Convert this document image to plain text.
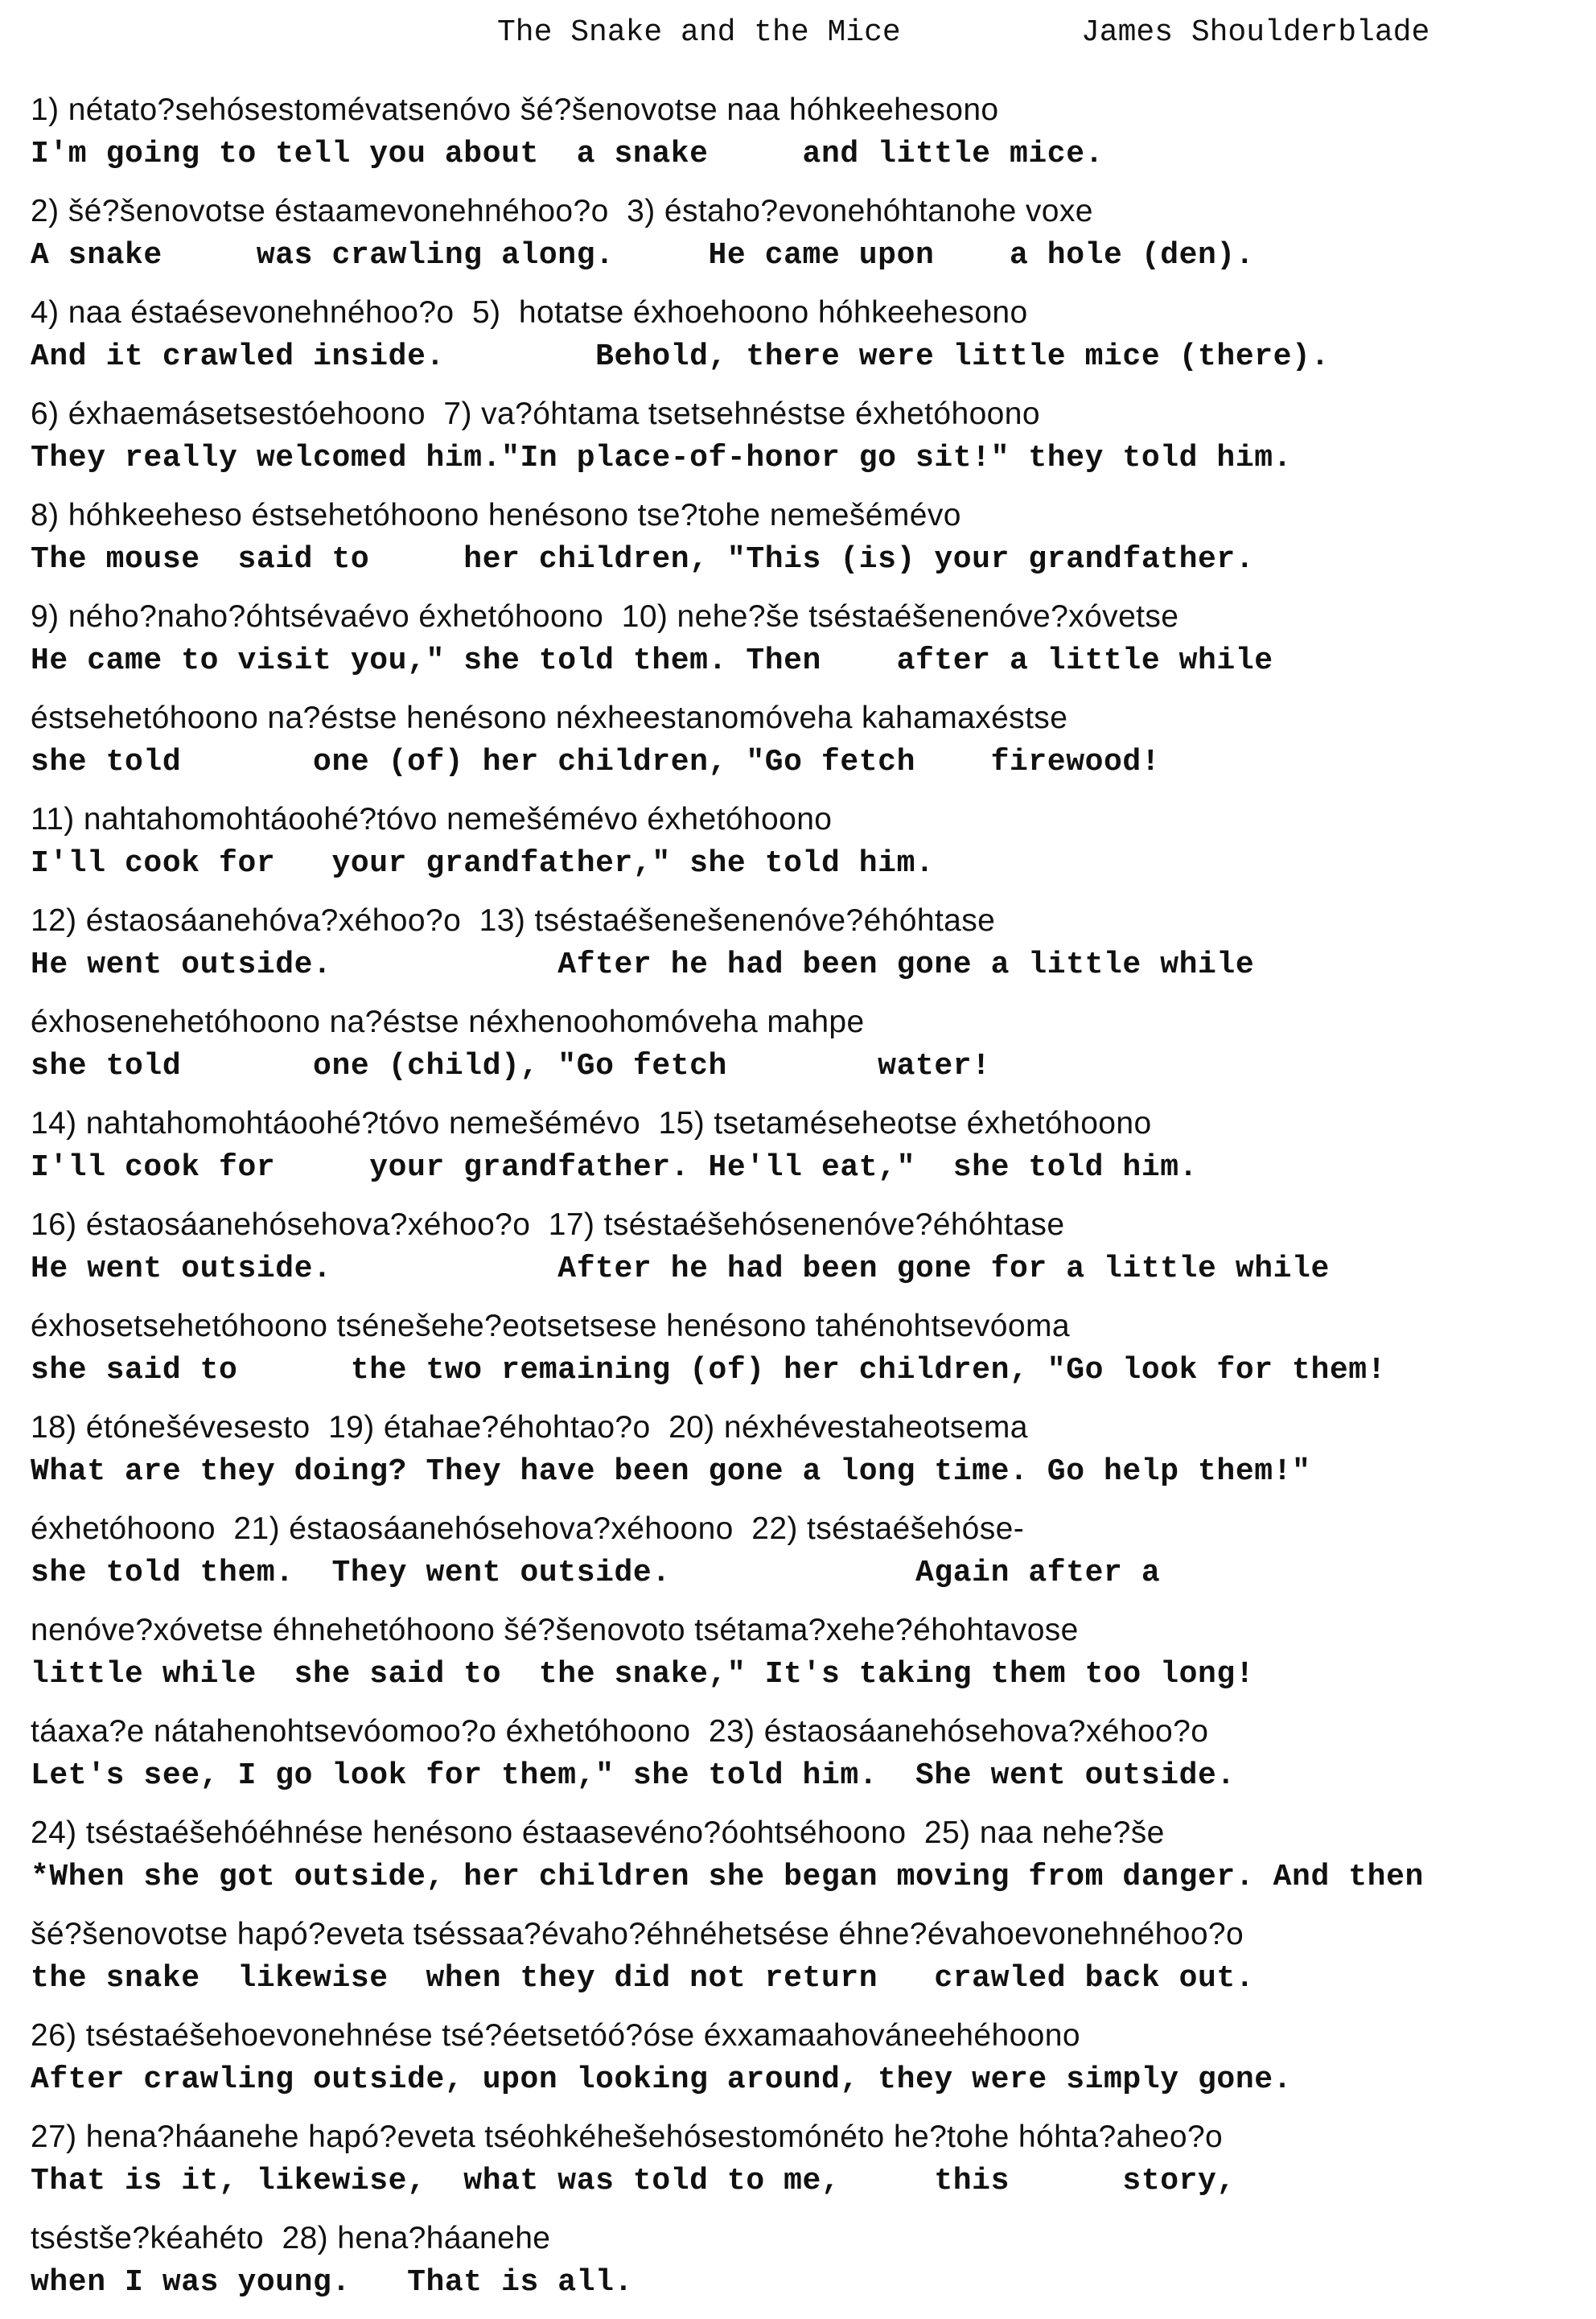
The Snake and the Mice	James Shoulderblade
1) nétato?sehósestomévatsenóvo šé?šenovotse naa hóhkeehesono
I'm going to tell you about  a snake     and little mice.
2) šé?šenovotse éstaamevonehnéhoo?o  3) éstaho?evonehóhtanohe voxe
A snake     was crawling along.     He came upon    a hole (den).
4) naa éstaésevonehnéhoo?o  5)  hotatse éxhoehoono hóhkeehesono
And it crawled inside.        Behold, there were little mice (there).
6) éxhaemásetsestóehoono  7) va?óhtama tsetsehnéstse éxhetóhoono
They really welcomed him."In place-of-honor go sit!" they told him.
8) hóhkeeheso éstsehetóhoono henésono tse?tohe nemešémévo
The mouse  said to     her children, "This (is) your grandfather.
9) ného?naho?óhtsévaévo éxhetóhoono  10) nehe?še tséstaéšenenóve?xóvetse
He came to visit you," she told them. Then    after a little while
éstsehetóhoono na?éstse henésono néxheestanomóveha kahamaxéstse
she told       one (of) her children, "Go fetch    firewood!
11) nahtahomohtáoohé?tóvo nemešémévo éxhetóhoono
I'll cook for   your grandfather," she told him.
12) éstaosáanehóva?xéhoo?o  13) tséstaéšenešenenóve?éhóhtase
He went outside.            After he had been gone a little while
éxhosenehetóhoono na?éstse néxhenoohomóveha mahpe
she told       one (child), "Go fetch        water!
14) nahtahomohtáoohé?tóvo nemešémévo  15) tsetaméseheotse éxhetóhoono
I'll cook for     your grandfather. He'll eat,"  she told him.
16) éstaosáanehósehova?xéhoo?o  17) tséstaéšehósenenóve?éhóhtase
He went outside.            After he had been gone for a little while
éxhosetsehetóhoono tsénešehe?eotsetsese henésono tahénohtsevóoma
she said to      the two remaining (of) her children, "Go look for them!
18) étónešévesesto  19) étahae?éhohtao?o  20) néxhévestaheotsema
What are they doing? They have been gone a long time. Go help them!"
éxhetóhoono  21) éstaosáanehósehova?xéhoono  22) tséstaéšehóse-
she told them.  They went outside.             Again after a
nenóve?xóvetse éhnehetóhoono šé?šenovoto tsétama?xehe?éhohtavose
little while  she said to  the snake," It's taking them too long!
táaxa?e nátahenohtsevóomoo?o éxhetóhoono  23) éstaosáanehósehova?xéhoo?o
Let's see, I go look for them," she told him.  She went outside.
24) tséstaéšehóéhnése henésono éstaasevéno?óohtséhoono  25) naa nehe?še
*When she got outside, her children she began moving from danger. And then
šé?šenovotse hapó?eveta tséssaa?évaho?éhnéhetsése éhne?évahoevonehnéhoo?o
the snake  likewise  when they did not return   crawled back out.
26) tséstaéšehoevonehnése tsé?éetsetóó?óse éxxamaahováneehéhoono
After crawling outside, upon looking around, they were simply gone.
27) hena?háanehe hapó?eveta tséohkéhešehósestomónéto he?tohe hóhta?aheo?o
That is it, likewise,  what was told to me,     this      story,
tséstše?kéahéto  28) hena?háanehe
when I was young.   That is all.
